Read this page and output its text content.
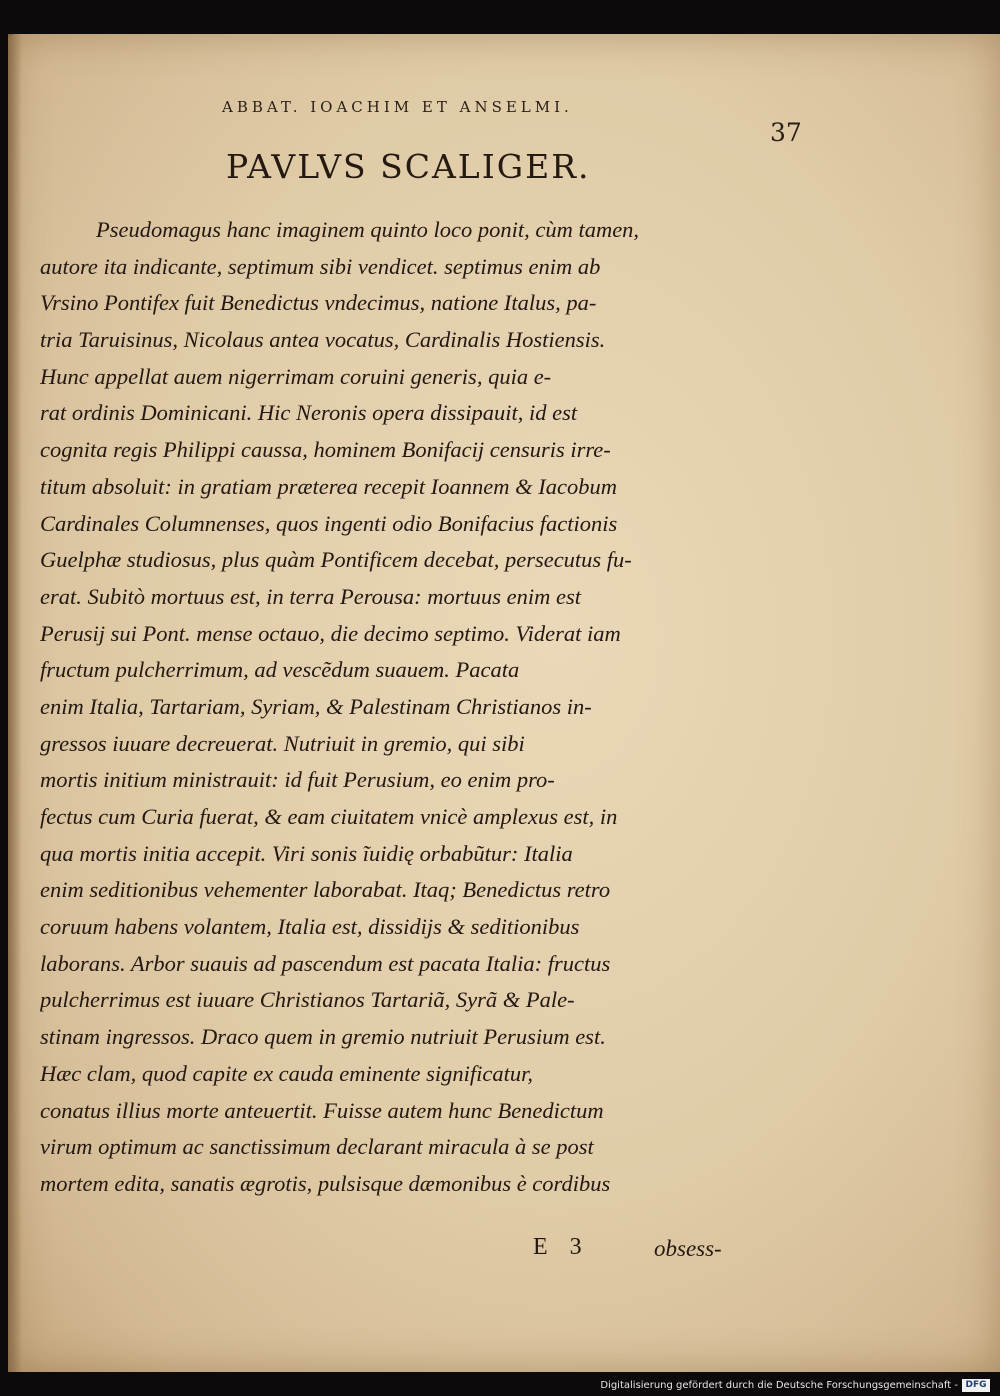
ABBAT. IOACHIM ET ANSELMI.
37
PAVLVS SCALIGER.
Pseudomagus hanc imaginem quinto loco ponit, cùm tamen,
autore ita indicante, septimum sibi vendicet. septimus enim ab
Vrsino Pontifex fuit Benedictus vndecimus, natione Italus, pa-
tria Taruisinus, Nicolaus antea vocatus, Cardinalis Hostiensis.
Hunc appellat auem nigerrimam coruini generis, quia e-
rat ordinis Dominicani. Hic Neronis opera dissipauit, id est
cognita regis Philippi caussa, hominem Bonifacij censuris irre-
titum absoluit: in gratiam præterea recepit Ioannem & Iacobum
Cardinales Columnenses, quos ingenti odio Bonifacius factionis
Guelphæ studiosus, plus quàm Pontificem decebat, persecutus fu-
erat. Subitò mortuus est, in terra Perousa: mortuus enim est
Perusij sui Pont. mense octauo, die decimo septimo. Viderat iam
fructum pulcherrimum, ad vescẽdum suauem. Pacata
enim Italia, Tartariam, Syriam, & Palestinam Christianos in-
gressos iuuare decreuerat. Nutriuit in gremio, qui sibi
mortis initium ministrauit: id fuit Perusium, eo enim pro-
fectus cum Curia fuerat, & eam ciuitatem vnicè amplexus est, in
qua mortis initia accepit. Viri sonis ĩuidię orbabũtur: Italia
enim seditionibus vehementer laborabat. Itaq; Benedictus retro
coruum habens volantem, Italia est, dissidijs & seditionibus
laborans. Arbor suauis ad pascendum est pacata Italia: fructus
pulcherrimus est iuuare Christianos Tartariã, Syrã & Pale-
stinam ingressos. Draco quem in gremio nutriuit Perusium est.
Hæc clam, quod capite ex cauda eminente significatur,
conatus illius morte anteuertit. Fuisse autem hunc Benedictum
virum optimum ac sanctissimum declarant miracula à se post
mortem edita, sanatis ægrotis, pulsisque dæmonibus è cordibus
E 3	obsess-
Digitalisierung gefördert durch die Deutsche Forschungsgemeinschaft - DFG
